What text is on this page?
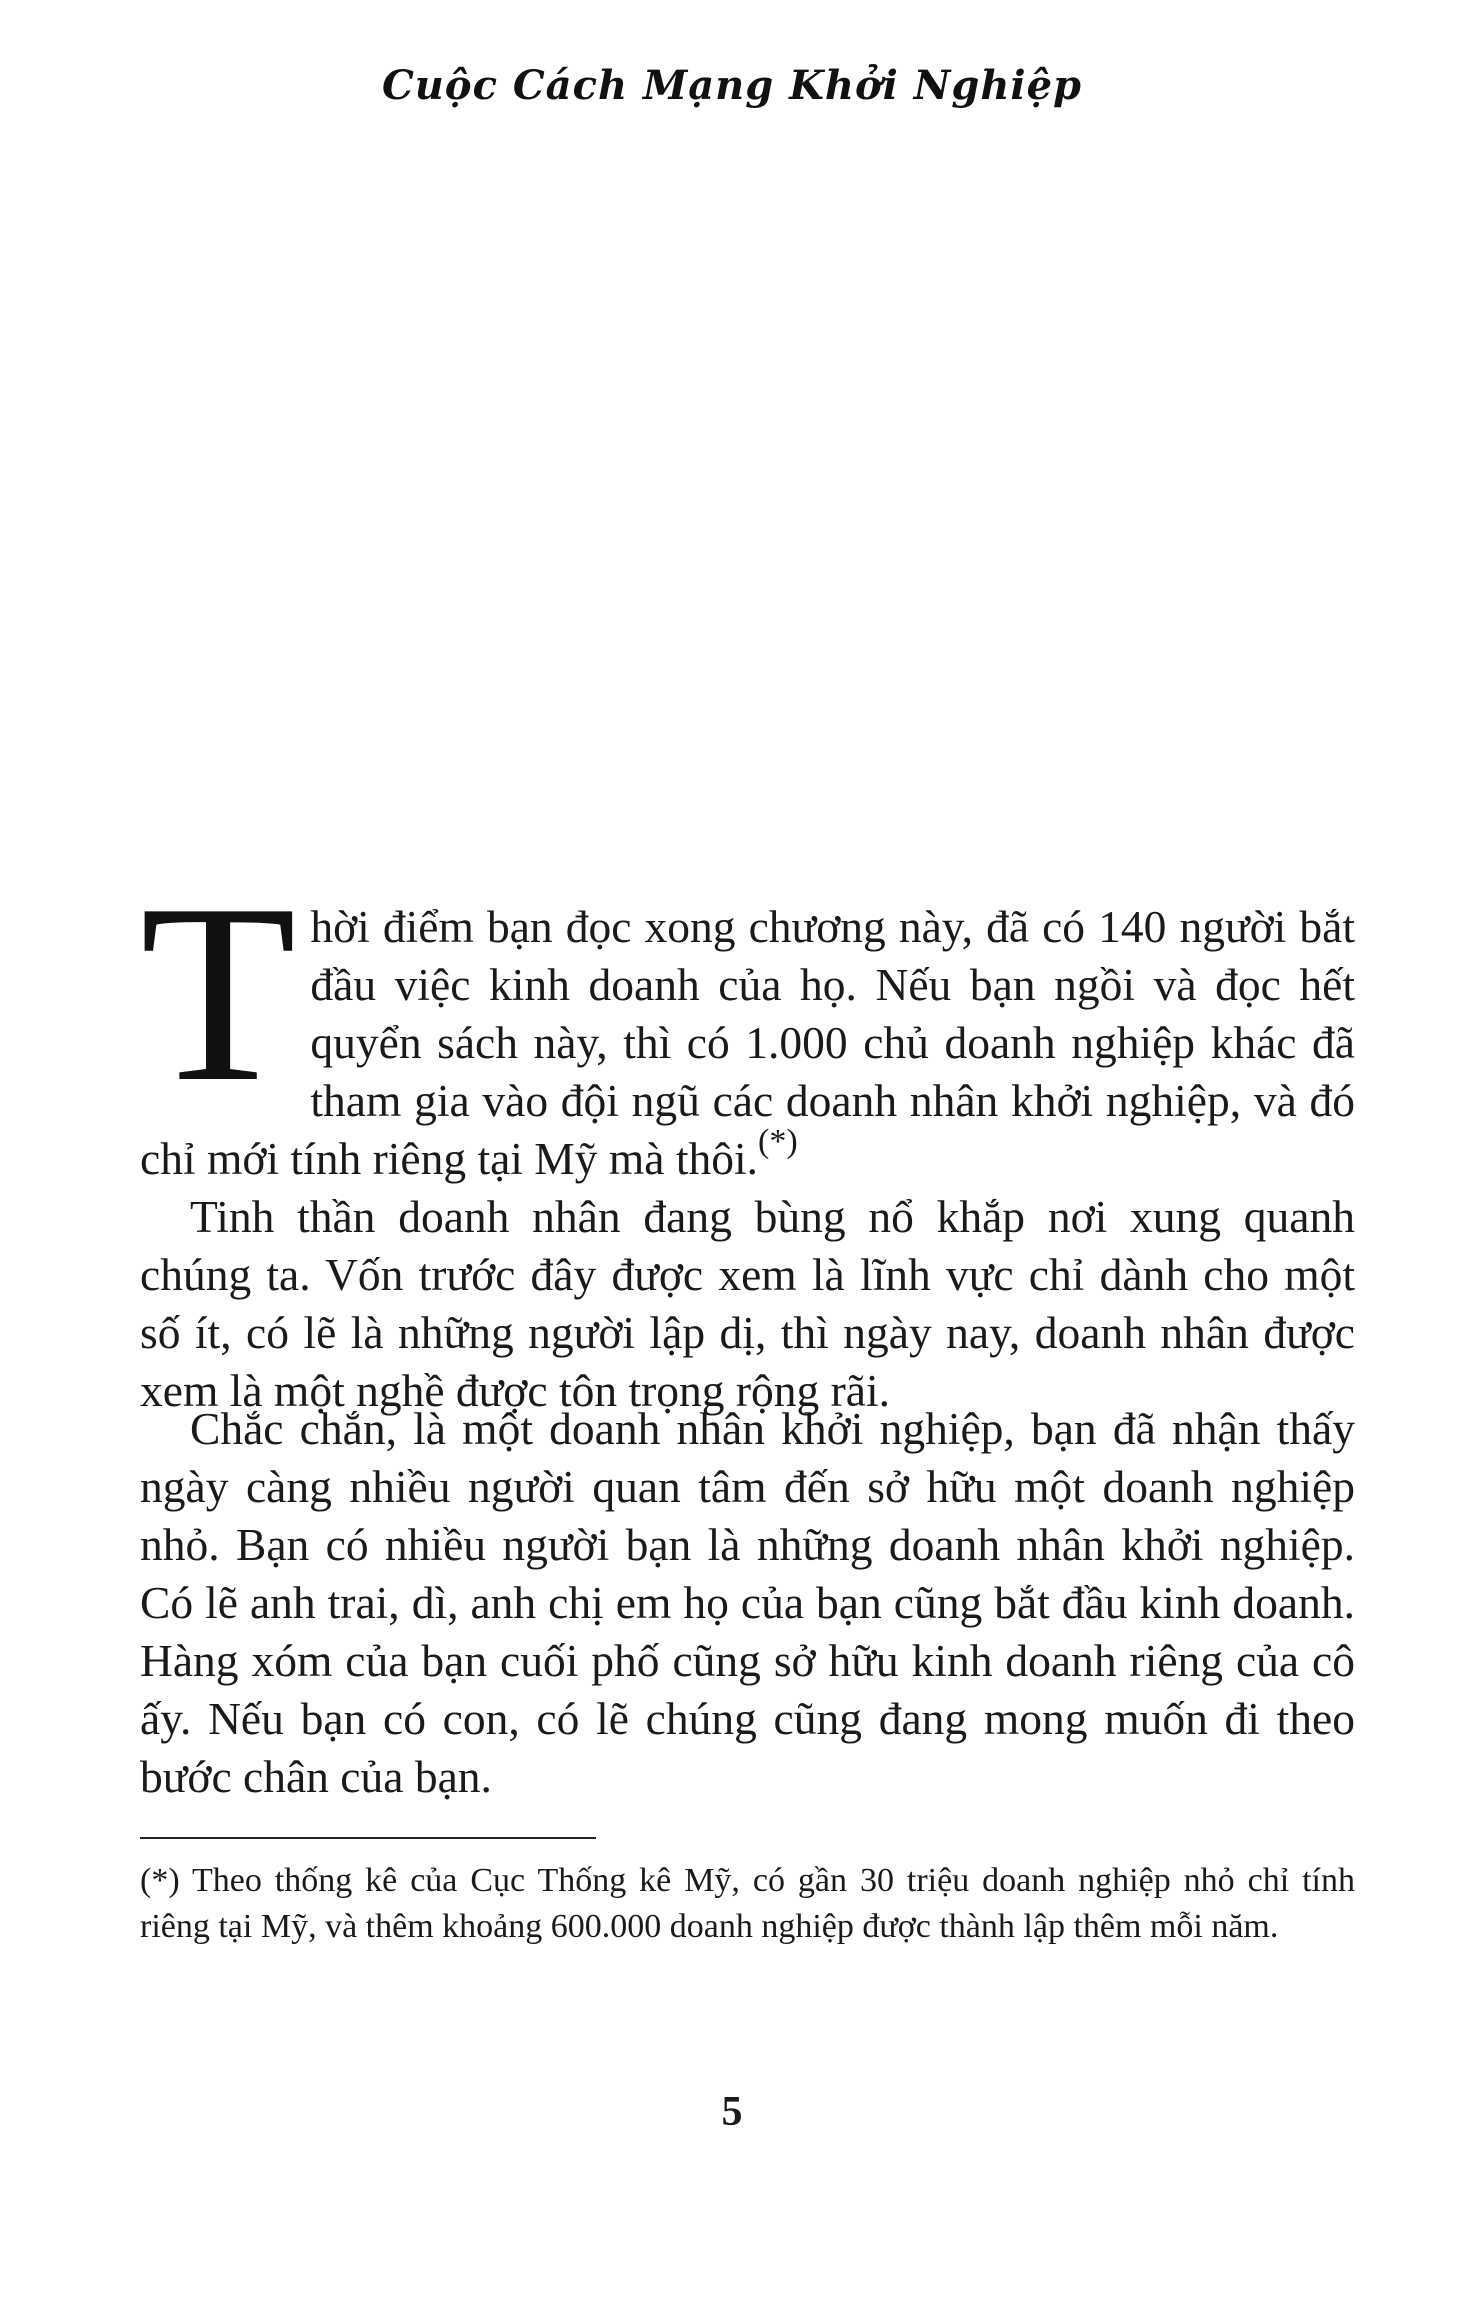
Cuộc Cách Mạng Khởi Nghiệp
T hời điểm bạn đọc xong chương này, đã có 140 người bắt đầu việc kinh doanh của họ. Nếu bạn ngồi và đọc hết quyển sách này, thì có 1.000 chủ doanh nghiệp khác đã tham gia vào đội ngũ các doanh nhân khởi nghiệp, và đó chỉ mới tính riêng tại Mỹ mà thôi.(*)

Tinh thần doanh nhân đang bùng nổ khắp nơi xung quanh chúng ta. Vốn trước đây được xem là lĩnh vực chỉ dành cho một số ít, có lẽ là những người lập dị, thì ngày nay, doanh nhân được xem là một nghề được tôn trọng rộng rãi.

Chắc chắn, là một doanh nhân khởi nghiệp, bạn đã nhận thấy ngày càng nhiều người quan tâm đến sở hữu một doanh nghiệp nhỏ. Bạn có nhiều người bạn là những doanh nhân khởi nghiệp. Có lẽ anh trai, dì, anh chị em họ của bạn cũng bắt đầu kinh doanh. Hàng xóm của bạn cuối phố cũng sở hữu kinh doanh riêng của cô ấy. Nếu bạn có con, có lẽ chúng cũng đang mong muốn đi theo bước chân của bạn.

(*) Theo thống kê của Cục Thống kê Mỹ, có gần 30 triệu doanh nghiệp nhỏ chỉ tính riêng tại Mỹ, và thêm khoảng 600.000 doanh nghiệp được thành lập thêm mỗi năm.
5
